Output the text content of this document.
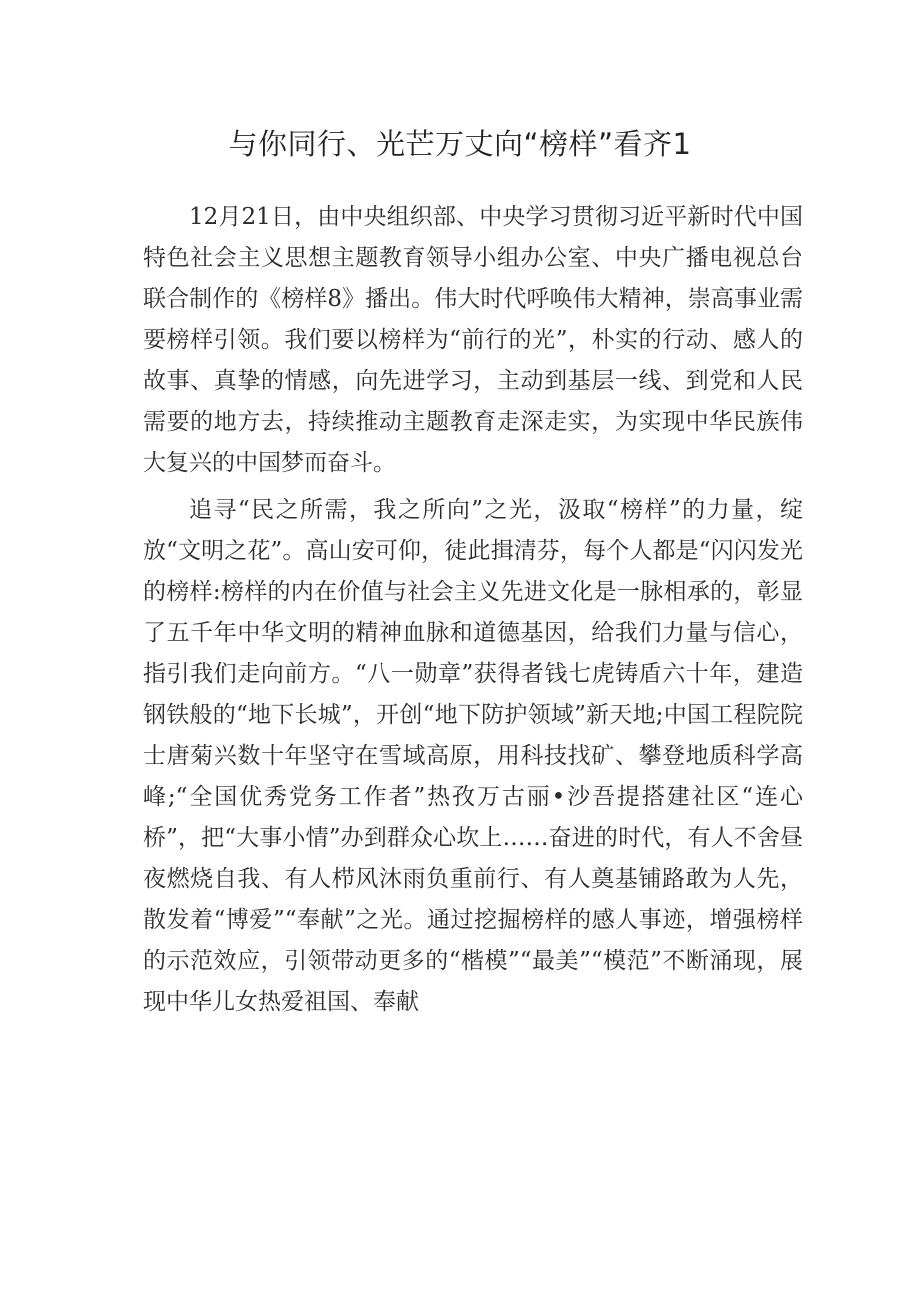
与你同行、光芒万丈向“榜样”看齐1

12月21日，由中央组织部、中央学习贯彻习近平新时代中国特色社会主义思想主题教育领导小组办公室、中央广播电视总台联合制作的《榜样8》播出。伟大时代呼唤伟大精神，崇高事业需要榜样引领。我们要以榜样为“前行的光”，朴实的行动、感人的故事、真挚的情感，向先进学习，主动到基层一线、到党和人民需要的地方去，持续推动主题教育走深走实，为实现中华民族伟大复兴的中国梦而奋斗。

追寻“民之所需，我之所向”之光，汲取“榜样”的力量，绽放“文明之花”。高山安可仰，徒此揖清芬，每个人都是“闪闪发光的榜样:榜样的内在价值与社会主义先进文化是一脉相承的，彰显了五千年中华文明的精神血脉和道德基因，给我们力量与信心，指引我们走向前方。“八一勋章”获得者钱七虎铸盾六十年，建造钢铁般的“地下长城”，开创“地下防护领域”新天地;中国工程院院士唐菊兴数十年坚守在雪域高原，用科技找矿、攀登地质科学高峰;“全国优秀党务工作者”热孜万古丽•沙吾提搭建社区“连心桥”，把“大事小情”办到群众心坎上……奋进的时代，有人不舍昼夜燃烧自我、有人栉风沐雨负重前行、有人奠基铺路敢为人先，散发着“博爱”“奉献”之光。通过挖掘榜样的感人事迹，增强榜样的示范效应，引领带动更多的“楷模”“最美”“模范”不断涌现，展现中华儿女热爱祖国、奉献
